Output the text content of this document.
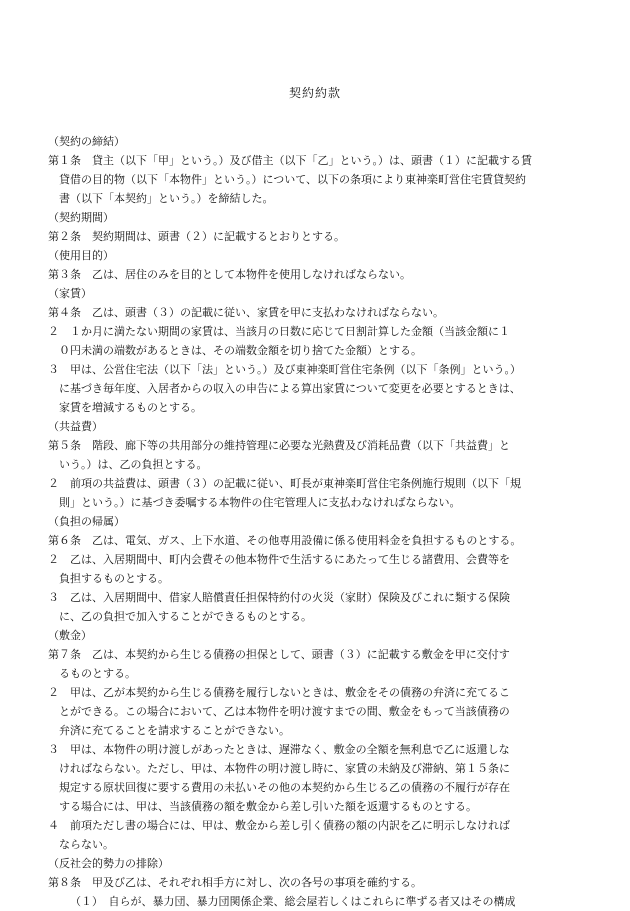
契約約款
（契約の締結）
第１条　貸主（以下「甲」という。）及び借主（以下「乙」という。）は、頭書（１）に記載する賃
貸借の目的物（以下「本物件」という。）について、以下の条項により東神楽町営住宅賃貸契約
書（以下「本契約」という。）を締結した。
（契約期間）
第２条　契約期間は、頭書（２）に記載するとおりとする。
（使用目的）
第３条　乙は、居住のみを目的として本物件を使用しなければならない。
（家賃）
第４条　乙は、頭書（３）の記載に従い、家賃を甲に支払わなければならない。
２　１か月に満たない期間の家賃は、当該月の日数に応じて日割計算した金額（当該金額に１
０円未満の端数があるときは、その端数金額を切り捨てた金額）とする。
３　甲は、公営住宅法（以下「法」という。）及び東神楽町営住宅条例（以下「条例」という。）
に基づき毎年度、入居者からの収入の申告による算出家賃について変更を必要とするときは、
家賃を増減するものとする。
（共益費）
第５条　階段、廊下等の共用部分の維持管理に必要な光熱費及び消耗品費（以下「共益費」と
いう。）は、乙の負担とする。
２　前項の共益費は、頭書（３）の記載に従い、町長が東神楽町営住宅条例施行規則（以下「規
則」という。）に基づき委嘱する本物件の住宅管理人に支払わなければならない。
（負担の帰属）
第６条　乙は、電気、ガス、上下水道、その他専用設備に係る使用料金を負担するものとする。
２　乙は、入居期間中、町内会費その他本物件で生活するにあたって生じる諸費用、会費等を
負担するものとする。
３　乙は、入居期間中、借家人賠償責任担保特約付の火災（家財）保険及びこれに類する保険
に、乙の負担で加入することができるものとする。
（敷金）
第７条　乙は、本契約から生じる債務の担保として、頭書（３）に記載する敷金を甲に交付す
るものとする。
２　甲は、乙が本契約から生じる債務を履行しないときは、敷金をその債務の弁済に充てるこ
とができる。この場合において、乙は本物件を明け渡すまでの間、敷金をもって当該債務の
弁済に充てることを請求することができない。
３　甲は、本物件の明け渡しがあったときは、遅滞なく、敷金の全額を無利息で乙に返還しな
ければならない。ただし、甲は、本物件の明け渡し時に、家賃の未納及び滞納、第１５条に
規定する原状回復に要する費用の未払いその他の本契約から生じる乙の債務の不履行が存在
する場合には、甲は、当該債務の額を敷金から差し引いた額を返還するものとする。
４　前項ただし書の場合には、甲は、敷金から差し引く債務の額の内訳を乙に明示しなければ
ならない。
（反社会的勢力の排除）
第８条　甲及び乙は、それぞれ相手方に対し、次の各号の事項を確約する。
（１）　自らが、暴力団、暴力団関係企業、総会屋若しくはこれらに準ずる者又はその構成
